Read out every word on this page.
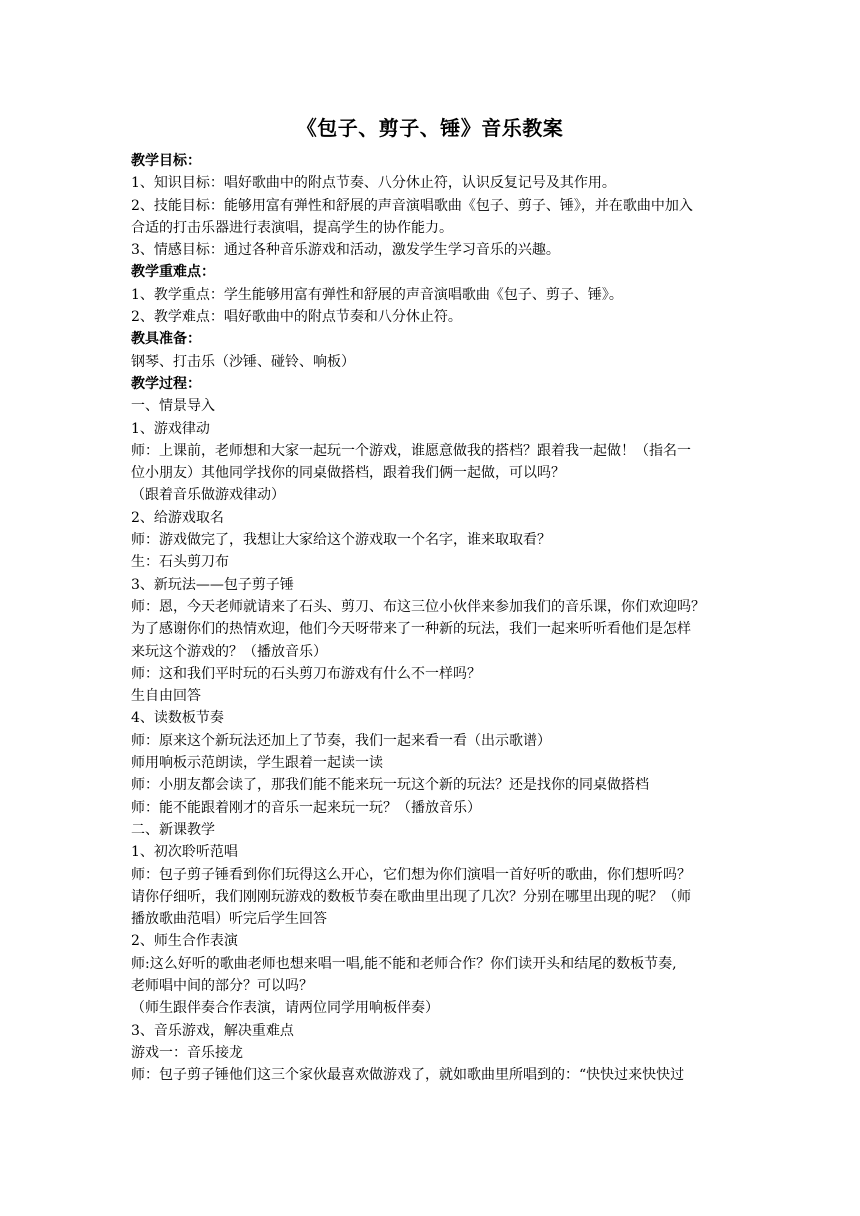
《包子、剪子、锤》音乐教案
教学目标：
1、知识目标：唱好歌曲中的附点节奏、八分休止符，认识反复记号及其作用。
2、技能目标：能够用富有弹性和舒展的声音演唱歌曲《包子、剪子、锤》，并在歌曲中加入
合适的打击乐器进行表演唱，提高学生的协作能力。
3、情感目标：通过各种音乐游戏和活动，激发学生学习音乐的兴趣。
教学重难点：
1、教学重点：学生能够用富有弹性和舒展的声音演唱歌曲《包子、剪子、锤》。
2、教学难点：唱好歌曲中的附点节奏和八分休止符。
教具准备：
钢琴、打击乐（沙锤、碰铃、响板）
教学过程：
一、情景导入
1、游戏律动
师：上课前，老师想和大家一起玩一个游戏，谁愿意做我的搭档？跟着我一起做！（指名一
位小朋友）其他同学找你的同桌做搭档，跟着我们俩一起做，可以吗？
（跟着音乐做游戏律动）
2、给游戏取名
师：游戏做完了，我想让大家给这个游戏取一个名字，谁来取取看？
生：石头剪刀布
3、新玩法——包子剪子锤
师：恩，今天老师就请来了石头、剪刀、布这三位小伙伴来参加我们的音乐课，你们欢迎吗？
为了感谢你们的热情欢迎，他们今天呀带来了一种新的玩法，我们一起来听听看他们是怎样
来玩这个游戏的？（播放音乐）
师：这和我们平时玩的石头剪刀布游戏有什么不一样吗？
生自由回答
4、读数板节奏
师：原来这个新玩法还加上了节奏，我们一起来看一看（出示歌谱）
师用响板示范朗读，学生跟着一起读一读
师：小朋友都会读了，那我们能不能来玩一玩这个新的玩法？还是找你的同桌做搭档
师：能不能跟着刚才的音乐一起来玩一玩？（播放音乐）
二、新课教学
1、初次聆听范唱
师：包子剪子锤看到你们玩得这么开心，它们想为你们演唱一首好听的歌曲，你们想听吗？
请你仔细听，我们刚刚玩游戏的数板节奏在歌曲里出现了几次？分别在哪里出现的呢？（师
播放歌曲范唱）听完后学生回答
2、师生合作表演
师:这么好听的歌曲老师也想来唱一唱,能不能和老师合作？你们读开头和结尾的数板节奏,
老师唱中间的部分？可以吗？
（师生跟伴奏合作表演，请两位同学用响板伴奏）
3、音乐游戏，解决重难点
游戏一：音乐接龙
师：包子剪子锤他们这三个家伙最喜欢做游戏了，就如歌曲里所唱到的：“快快过来快快过
